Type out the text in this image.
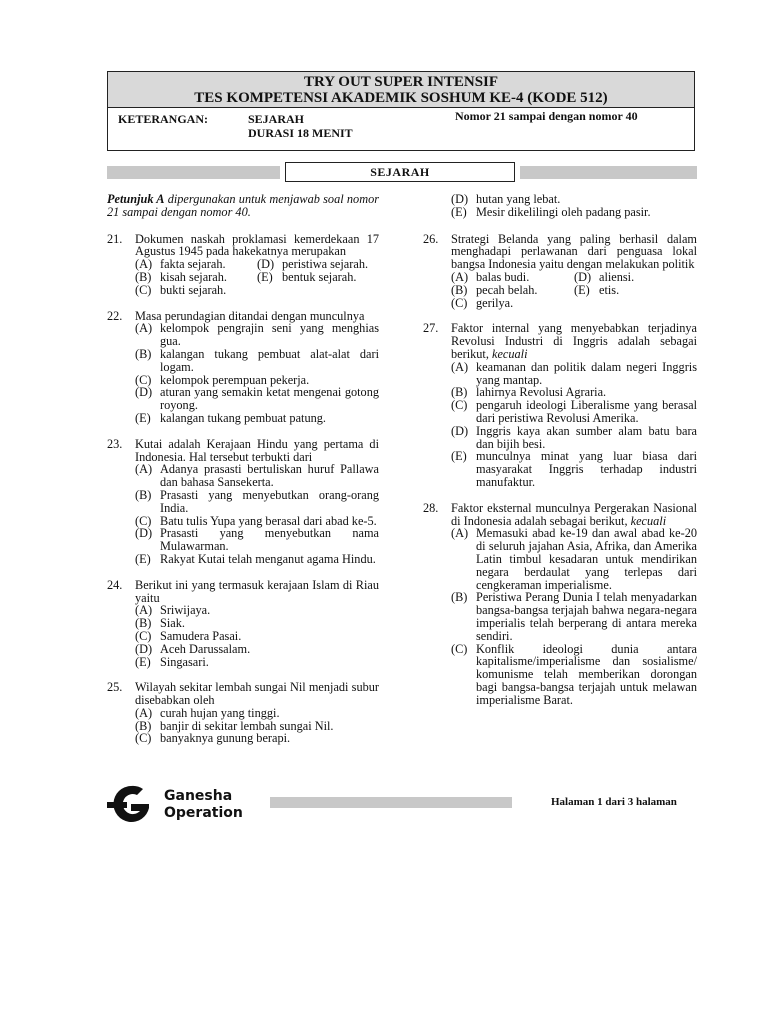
TRY OUT SUPER INTENSIF
TES KOMPETENSI AKADEMIK SOSHUM KE-4 (KODE 512)
KETERANGAN:	SEJARAH
DURASI 18 MENIT
Nomor 21 sampai dengan nomor 40
SEJARAH
Petunjuk A dipergunakan untuk menjawab soal nomor 21 sampai dengan nomor 40.
21.	Dokumen naskah proklamasi kemerdekaan 17 Agustus 1945 pada hakekatnya merupakan
(A) fakta sejarah.	(D) peristiwa sejarah.
(B) kisah sejarah.	(E) bentuk sejarah.
(C) bukti sejarah.
22.	Masa perundagian ditandai dengan munculnya
(A) kelompok pengrajin seni yang menghias gua.
(B) kalangan tukang pembuat alat-alat dari logam.
(C) kelompok perempuan pekerja.
(D) aturan yang semakin ketat mengenai gotong royong.
(E) kalangan tukang pembuat patung.
23.	Kutai adalah Kerajaan Hindu yang pertama di Indonesia. Hal tersebut terbukti dari
(A) Adanya prasasti bertuliskan huruf Pallawa dan bahasa Sansekerta.
(B) Prasasti yang menyebutkan orang-orang India.
(C) Batu tulis Yupa yang berasal dari abad ke-5.
(D) Prasasti yang menyebutkan nama Mulawarman.
(E) Rakyat Kutai telah menganut agama Hindu.
24.	Berikut ini yang termasuk kerajaan Islam di Riau yaitu
(A) Sriwijaya.
(B) Siak.
(C) Samudera Pasai.
(D) Aceh Darussalam.
(E) Singasari.
25.	Wilayah sekitar lembah sungai Nil menjadi subur disebabkan oleh
(A) curah hujan yang tinggi.
(B) banjir di sekitar lembah sungai Nil.
(C) banyaknya gunung berapi.
(D) hutan yang lebat.
(E) Mesir dikelilingi oleh padang pasir.
26.	Strategi Belanda yang paling berhasil dalam menghadapi perlawanan dari penguasa lokal bangsa Indonesia yaitu dengan melakukan politik
(A) balas budi.	(D) aliensi.
(B) pecah belah.	(E) etis.
(C) gerilya.
27.	Faktor internal yang menyebabkan terjadinya Revolusi Industri di Inggris adalah sebagai berikut, kecuali
(A) keamanan dan politik dalam negeri Inggris yang mantap.
(B) lahirnya Revolusi Agraria.
(C) pengaruh ideologi Liberalisme yang berasal dari peristiwa Revolusi Amerika.
(D) Inggris kaya akan sumber alam batu bara dan bijih besi.
(E) munculnya minat yang luar biasa dari masyarakat Inggris terhadap industri manufaktur.
28.	Faktor eksternal munculnya Pergerakan Nasional di Indonesia adalah sebagai berikut, kecuali
(A) Memasuki abad ke-19 dan awal abad ke-20 di seluruh jajahan Asia, Afrika, dan Amerika Latin timbul kesadaran untuk mendirikan negara berdaulat yang terlepas dari cengkeraman imperialisme.
(B) Peristiwa Perang Dunia I telah menyadarkan bangsa-bangsa terjajah bahwa negara-negara imperialis telah berperang di antara mereka sendiri.
(C) Konflik ideologi dunia antara kapitalisme/imperialisme dan sosialisme/ komunisme telah memberikan dorongan bagi bangsa-bangsa terjajah untuk melawan imperialisme Barat.
Ganesha
Operation
Halaman 1 dari 3 halaman
